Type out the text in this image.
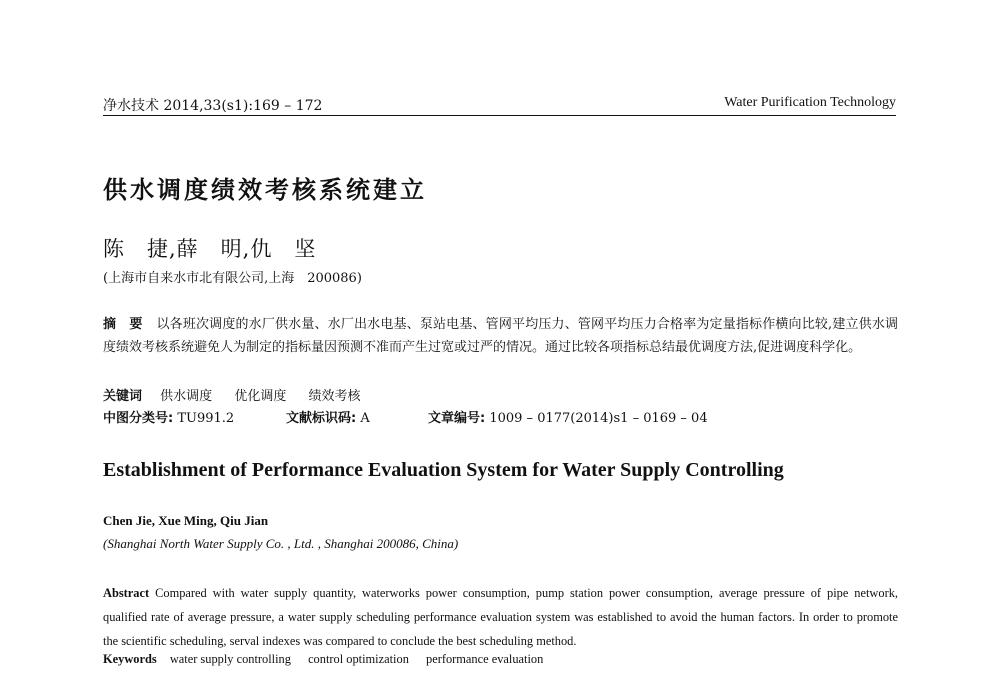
净水技术 2014,33(s1):169 – 172	Water Purification Technology
供水调度绩效考核系统建立
陈　捷,薛　明,仇　坚
(上海市自来水市北有限公司,上海　200086)
摘　要 以各班次调度的水厂供水量、水厂出水电基、泵站电基、管网平均压力、管网平均压力合格率为定量指标作横向比较,建立供水调度绩效考核系统避免人为制定的指标量因预测不准而产生过宽或过严的情况。通过比较各项指标总结最优调度方法,促进调度科学化。
关键词 供水调度 优化调度 绩效考核
中图分类号: TU991.2	文献标识码: A	文章编号: 1009 – 0177(2014)s1 – 0169 – 04
Establishment of Performance Evaluation System for Water Supply Controlling
Chen Jie, Xue Ming, Qiu Jian
(Shanghai North Water Supply Co. , Ltd. , Shanghai 200086, China)
Abstract Compared with water supply quantity, waterworks power consumption, pump station power consumption, average pressure of pipe network, qualified rate of average pressure, a water supply scheduling performance evaluation system was established to avoid the human factors. In order to promote the scientific scheduling, serval indexes was compared to conclude the best scheduling method.
Keywords water supply controlling control optimization performance evaluation
